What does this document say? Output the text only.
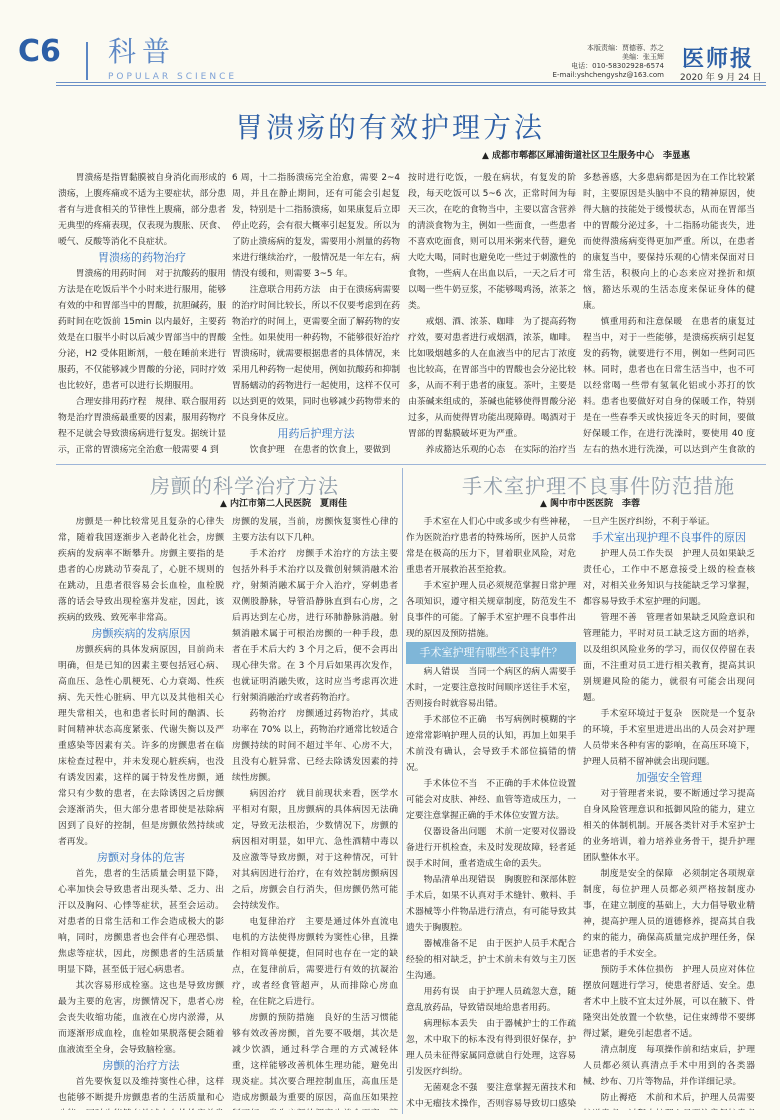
C6 科普
POPULAR SCIENCE
本版责编：贾德蓉、苏之
美编：张玉辉
电话：010-58302928-6574
E-mail:yshchengyshz@163.com
医师报
2020 年 9 月 24 日
胃溃疡的有效护理方法
▲ 成都市郫都区犀浦街道社区卫生服务中心　李显惠

胃溃疡是指胃黏膜被自身消化而形成的溃疡，上腹疼痛或不适为主要症状，部分患者有与进食相关的节律性上腹痛，部分患者无典型的疼痛表现，仅表现为腹胀、厌食、嗳气、反酸等消化不良症状。

胃溃疡的药物治疗

胃溃疡的用药时间　对于抗酸药的服用方法是在吃饭后半个小时来进行服用，能够有效的中和胃部当中的胃酸，抗胆碱药，服药时间在吃饭前 15min 以内最好，主要药效是在口服半小时以后减少胃部当中的胃酸分泌，H2 受体阻断剂，一般在睡前来进行服药，不仅能够减少胃酸的分泌，同时疗效也比较好，患者可以进行长期服用。

合理安排用药疗程　规律、联合服用药物是治疗胃溃疡最重要的因素，服用药物疗程不足就会导致溃疡病进行复发。据统计显示，正常的胃溃疡完全治愈一般需要 4 到

6 周，十二指肠溃疡完全治愈，需要 2~4 周，并且在静止期间，还有可能会引起复发，特别是十二指肠溃疡，如果康复后立即停止吃药，会有很大概率引起复发。所以为了防止溃疡病的复发，需要用小剂量的药物来进行继续治疗，一般情况是一年左右，病情没有缓和，则需要 3~5 年。

注意联合用药方法　由于在溃疡病需要的治疗时间比较长，所以不仅要考虑到在药物治疗的时间上，更需要全面了解药物的安全性。如果使用一种药物，不能够很好治疗胃溃疡时，就需要根据患者的具体情况，来采用几种药物一起使用，例如抗酸药和抑制胃肠蠕动的药物进行一起使用，这样不仅可以达到更的效果，同时也够减少药物带来的不良身体反应。

用药后护理方法

饮食护理　在患者的饮食上，要做到

按时进行吃饭，一般在病状，有复发的阶段，每天吃饭可以 5~6 次，正常时间为每天三次，在吃的食物当中，主要以富含营养的清淡食物为主，例如一些面食，一些患者不喜欢吃面食，则可以用米粥来代替，避免大吃大喝，同时也避免吃一些过于刺激性的食物，一些病人在出血以后，一天之后才可以喝一些牛奶豆浆，不能够喝鸡汤，浓茶之类。

戒烟、酒、浓茶、咖啡　为了提高药物疗效，要对患者进行戒烟酒，浓茶，咖啡。比如吸烟越多的人在血液当中的尼古丁浓度也比较高，在胃部当中的胃酸也会分泌比较多，从而不利于患者的康复。茶叶，主要是由茶碱来组成的，茶碱也能够使得胃酸分泌过多，从而使得胃功能出现障碍。喝酒对于胃部的胃黏膜破坏更为严重。

养成豁达乐观的心态　在实际的治疗当

多愁善感，大多患病都是因为在工作比较紧时，主要原因是头脑中不良的精神原因，使得大脑的技能处于缓慢状态，从而在胃部当中的胃酸分泌过多，十二指肠功能丧失，进而使得溃疡病变得更加严重。所以，在患者的康复当中，要保持乐观的心情来保面对日常生活，积极向上的心态来应对挫折和烦恼，豁达乐观的生活态度来保证身体的健康。

慎重用药和注意保暖　在患者的康复过程当中，对于一些能够，是溃疡疾病引起复发的药物，就要进行不用，例如一些阿司匹林。同时，患者也在日常生活当中，也不可以经常喝一些带有氢氧化铝或小苏打的饮料。患者也要做好对自身的保暖工作，特别是在一些春季天或快接近冬天的时间，要做好保暖工作，在进行洗澡时，要使用 40 度左右的热水进行洗澡，可以达到产生食欲的

房颤的科学治疗方法
▲ 内江市第二人民医院　夏雨佳

房颤是一种比较常见且复杂的心律失常，随着我国逐渐步入老龄化社会，房颤疾病的发病率不断攀升。房颤主要指的是患者的心房跳动节奏乱了，心脏不规则的在跳动，且患者很容易会长血栓，血栓脱落的话会导致出现栓塞并发症，因此，该疾病的致残、致死率非常高。

房颤疾病的发病原因

房颤疾病的具体发病原因，目前尚未明确，但是已知的因素主要包括冠心病、高血压、急性心肌梗死、心力衰竭、性疾病、先天性心脏病、甲亢以及其他相关心理失常相关，也和患者长时间的酗酒、长时间精神状态高度紧张、代谢失衡以及严重感染等因素有关。许多的房颤患者在临床检查过程中，并未发现心脏疾病，也没有诱发因素，这样的属于特发性房颤，通常只有少数的患者，在去除诱因之后房颤会逐渐消失，但大部分患者即使是祛除病因到了良好的控制，但是房颤依然持续或者再发。

房颤对身体的危害

首先，患者的生活质量会明显下降，心率加快会导致患者出现头晕、乏力、出汗以及胸闷、心悸等症状，甚至会运动。对患者的日常生活和工作会造成极大的影响，同时，房颤患者也会伴有心理恐惧、焦虑等症状，因此，房颤患者的生活质量明显下降，甚至低于冠心病患者。

其次容易形成栓塞。这也是导致房颤最为主要的危害，房颤情况下，患者心房会丧失收缩功能，血液在心房内淤滞，从而逐渐形成血栓，血栓如果脱落便会随着血液流至全身，会导致脑栓塞。

房颤的治疗方法

首先要恢复以及维持窦性心律，这样也能够不断提升房颤患者的生活质量和心

房颤的发展，当前，房颤恢复窦性心律的主要方法有以下几种。

手术治疗　房颤手术治疗的方法主要包括外科手术治疗以及微创射频消融术治疗，射频消融术属于介入治疗，穿刺患者双侧股静脉，导管沿静脉直到右心房，之后再达到左心房，进行环肺静脉消融。射频消融术属于可根治房颤的一种手段，患者在手术后大约 3 个月之后，便不会再出现心律失常。在 3 个月后如果再次发作，也就证明消融失败，这时应当考虑再次进行射频消融治疗或者药物治疗。

药物治疗　房颤通过药物治疗，其成功率在 70% 以上，药物治疗通常比较适合房颤持续的时间不超过半年、心房不大，且没有心脏异常、已经去除诱发因素的持续性房颤。

病因治疗　就目前现状来看，医学水平相对有限，且房颤病的具体病因无法确定，导致无法根治，少数情况下，房颤的病因相对明显，如甲亢、急性酒精中毒以及应激等导致房颤，对于这种情况，可针对其病因进行治疗，在有效控制房颤病因之后，房颤会自行消失，但房颤仍然可能会持续发作。

电复律治疗　主要是通过体外直流电电机的方法使得房颤转为窦性心律，且操作相对简单便捷，但同时也存在一定的缺点，在复律前后，需要进行有效的抗凝治疗，或者经食管超声，从而排除心房血栓，在住院之后进行。

房颤的预防措施　良好的生活习惯能够有效改善房颤，首先要不吸烟，其次是减少饮酒，通过科学合理的方式减轻体重，这样能够改善机体生理功能，避免出现炎症。其次要合理控制血压，高血压是造成房颤最为重要的原因，高血压如果控

手术室护理不良事件防范措施
▲ 阆中市中医医院　李蓉

手术室在人们心中或多或少有些神秘，作为医院治疗患者的特殊场所，医护人员常常是在极高的压力下，冒着职业风险，对危重患者开展救治甚至抢救。

手术室护理人员必须规范掌握日常护理各项知识，遵守相关规章制度，防范发生不良事件的可能。了解手术室护理不良事件出现的原因及预防措施。

手术室护理有哪些不良事件？

病人错误　当同一个病区的病人需要手术时，一定要注意按时间顺序送往手术室，否则接台时就容易出错。

手术部位不正确　书写病例时模糊的字迹常常影响护理人员的认知，再加上如果手术前没有确认，会导致手术部位搞错的情况。

手术体位不当　不正确的手术体位设置可能会对皮肤、神经、血管等造成压力，一定要注意掌握正确的手术体位安置方法。

仪器设备出问题　术前一定要对仪器设备进行开机检查，未及时发现故障，轻者延误手术时间，重者造成生命的丢失。

物品清单出现错误　胸腹腔和深部体腔手术后，如果不认真对手术缝针、敷料、手术器械等小件物品进行清点，有可能导致其遗失于胸腹腔。

器械准备不足　由于医护人员手术配合经验的相对缺乏，护士术前未有效与主刀医生沟通。

用药有误　由于护理人员疏忽大意，随意乱放药品，导致错误地给患者用药。

病理标本丢失　由于器械护士的工作疏忽，术中取下的标本没有得到很好保存，护理人员未征得家属同意就自行处理，这容易引发医疗纠纷。

无菌观念不强　要注意掌握无菌技术和术中无瘤技术操作，否则容易导致切口感染

一旦产生医疗纠纷，不利于举证。

手术室出现护理不良事件的原因

护理人员工作失误　护理人员如果缺乏责任心，工作中不愿意接受上级的检查核对，对相关业务知识与技能缺乏学习掌握，都容易导致手术室护理的问题。

管理不善　管理者如果缺乏风险意识和管理能力，平时对员工缺乏这方面的培养，以及组织风险业务的学习，而仅仅停留在表面，不注重对员工进行相关教育，提高其识别规避风险的能力，就很有可能会出现问题。

手术室环境过于复杂　医院是一个复杂的环境，手术室里进进出出的人员会对护理人员带来各种有害的影响，在高压环境下，护理人员稍不留神就会出现问题。

加强安全管理

对于管理者来说，要不断通过学习提高自身风险管理意识和抵御风险的能力，建立相关的体制机制。开展各类针对手术室护士的业务培训，着力培养业务骨干，提升护理团队整体水平。

制度是安全的保障　必须制定各项规章制度，每位护理人员都必须严格按制度办事，在建立制度的基础上，大力倡导敬业精神，提高护理人员的道德修养，提高其自我约束的能力，确保高质量完成护理任务，保证患者的手术安全。

预防手术体位损伤　护理人员应对体位摆放问题进行学习，使患者舒适、安全。患者术中上肢不宜太过外展，可以在腋下、骨隆突出处放置一个软垫，记住束缚带不要绑得过紧，避免引起患者不适。

清点制度　每项操作前和结束后，护理人员都必须认真清点手术中用到的各类器械、纱布、刀片等物品，并作详细记录。

防止褥疮　术前和术后，护理人员需要
